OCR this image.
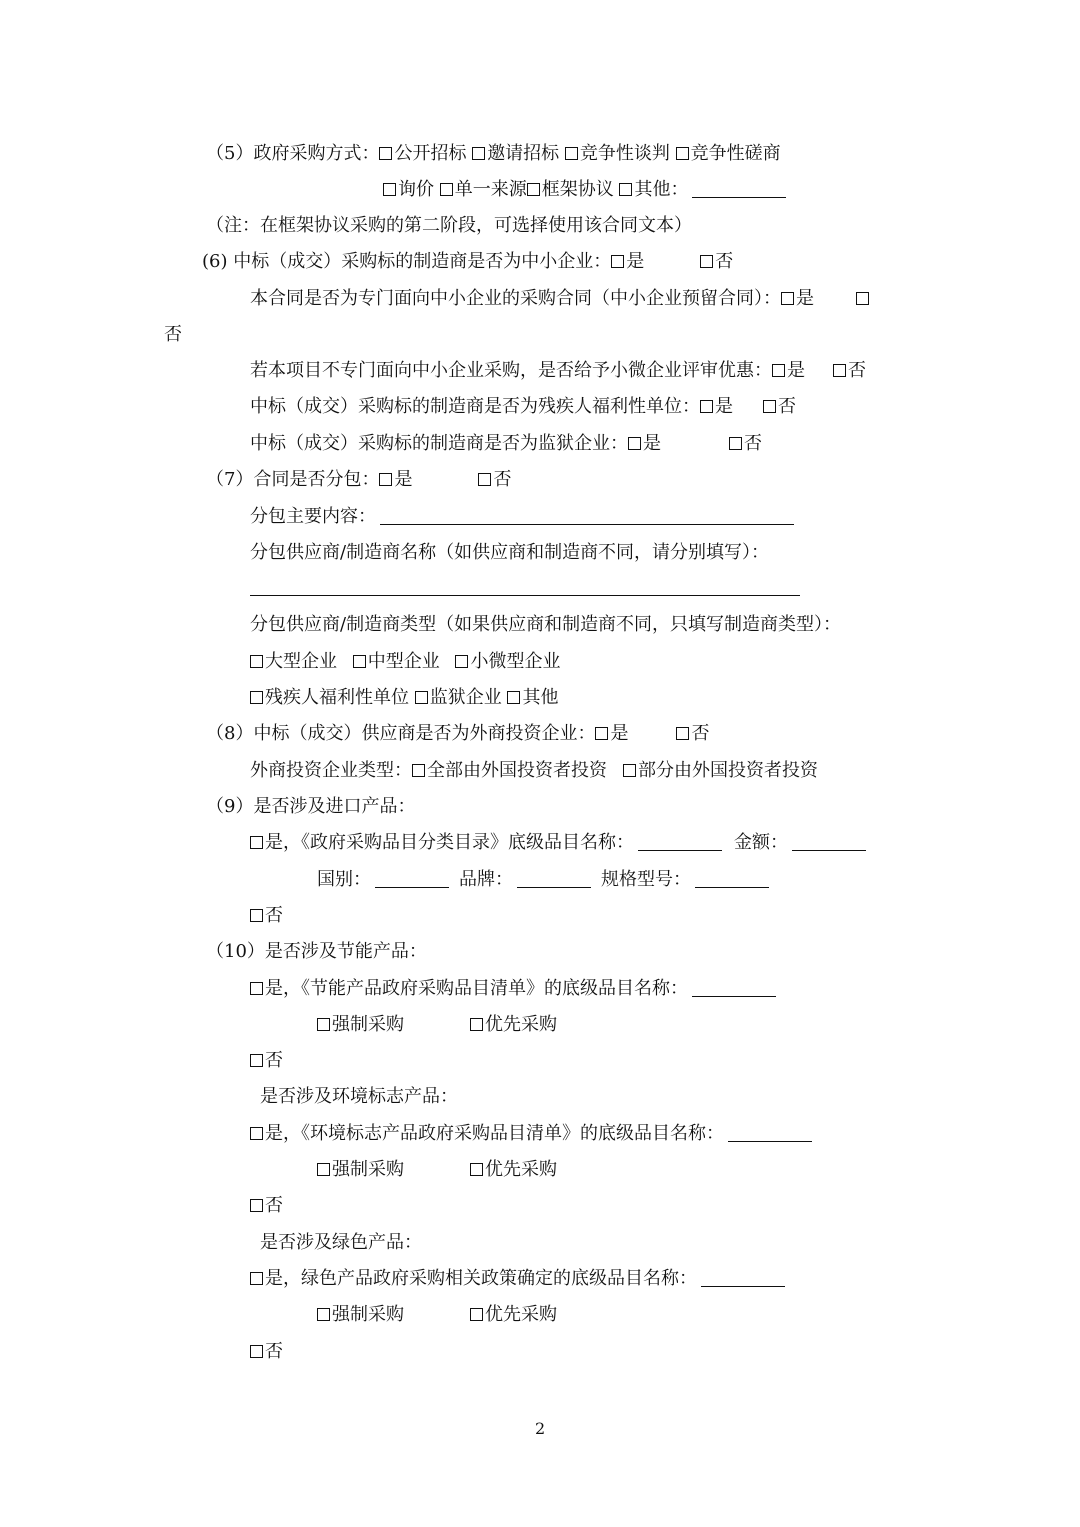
（5）政府采购方式： 公开招标 邀请招标 竞争性谈判 竞争性磋商
询价 单一来源 框架协议 其他：
（注：在框架协议采购的第二阶段，可选择使用该合同文本）
(6) 中标（成交）采购标的制造商是否为中小企业： 是	否
本合同是否为专门面向中小企业的采购合同（中小企业预留合同）： 是
否
若本项目不专门面向中小企业采购，是否给予小微企业评审优惠： 是 否
中标（成交）采购标的制造商是否为残疾人福利性单位： 是	否
中标（成交）采购标的制造商是否为监狱企业： 是	否
（7）合同是否分包： 是	否
分包主要内容：
分包供应商/制造商名称（如供应商和制造商不同，请分别填写）：
分包供应商/制造商类型（如果供应商和制造商不同，只填写制造商类型）：
大型企业 中型企业 小微型企业
残疾人福利性单位 监狱企业 其他
（8）中标（成交）供应商是否为外商投资企业： 是	否
外商投资企业类型： 全部由外国投资者投资 部分由外国投资者投资
（9）是否涉及进口产品：
是，《政府采购品目分类目录》底级品目名称：	金额：
国别：	品牌：	规格型号：
否
（10）是否涉及节能产品：
是，《节能产品政府采购品目清单》的底级品目名称：
强制采购	优先采购
否
是否涉及环境标志产品：
是，《环境标志产品政府采购品目清单》的底级品目名称：
强制采购	优先采购
否
是否涉及绿色产品：
是，绿色产品政府采购相关政策确定的底级品目名称：
强制采购	优先采购
否
2
